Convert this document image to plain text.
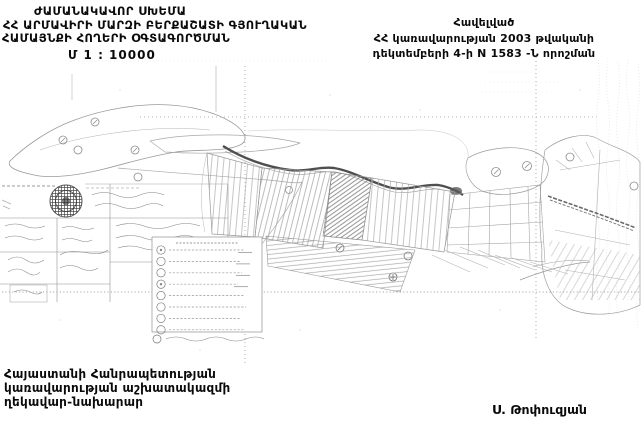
ԺԱՄԱՆԱԿԱՎՈՐ ՍԽԵՄԱ
ՀՀ ԱՐՄԱՎԻՐԻ ՄԱՐԶԻ ԲԵՐՔԱՇԱՏԻ ԳՅՈՒՂԱԿԱՆ
ՀԱՄԱՅՆՔԻ ՀՈՂԵՐԻ ՕԳՏԱԳՈՐԾՄԱՆ
Մ 1 : 10000
Հավելված
ՀՀ կառավարության 2003 թվականի
դեկտեմբերի 4-ի N 1583 -Ն որոշման
Հայաստանի Հանրապետության
կառավարության աշխատակազմի
ղեկավար-նախարար
Ս. Թոփուզյան
